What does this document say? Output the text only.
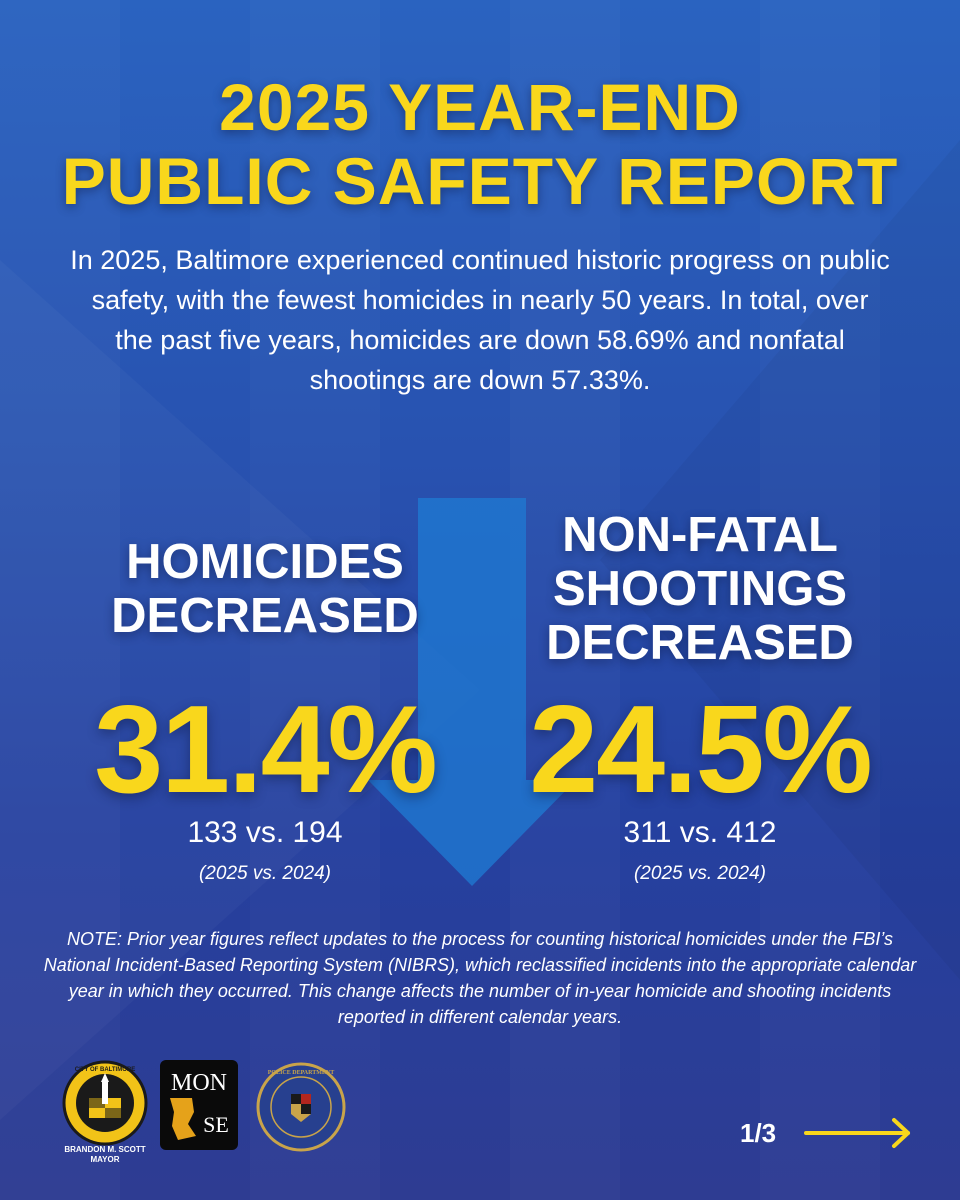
2025 YEAR-END
PUBLIC SAFETY REPORT

In 2025, Baltimore experienced continued historic progress on public safety, with the fewest homicides in nearly 50 years. In total, over the past five years, homicides are down 58.69% and nonfatal shootings are down 57.33%.

HOMICIDES
DECREASED
31.4%
133 vs. 194
(2025 vs. 2024)
NON-FATAL
SHOOTINGS
DECREASED
24.5%
311 vs. 412
(2025 vs. 2024)

NOTE: Prior year figures reflect updates to the process for counting historical homicides under the FBI’s National Incident-Based Reporting System (NIBRS), which reclassified incidents into the appropriate calendar year in which they occurred. This change affects the number of in-year homicide and shooting incidents reported in different calendar years.

CITY OF BALTIMORE
BRANDON M. SCOTT
MAYOR
MON
SE
POLICE DEPARTMENT
1/3
